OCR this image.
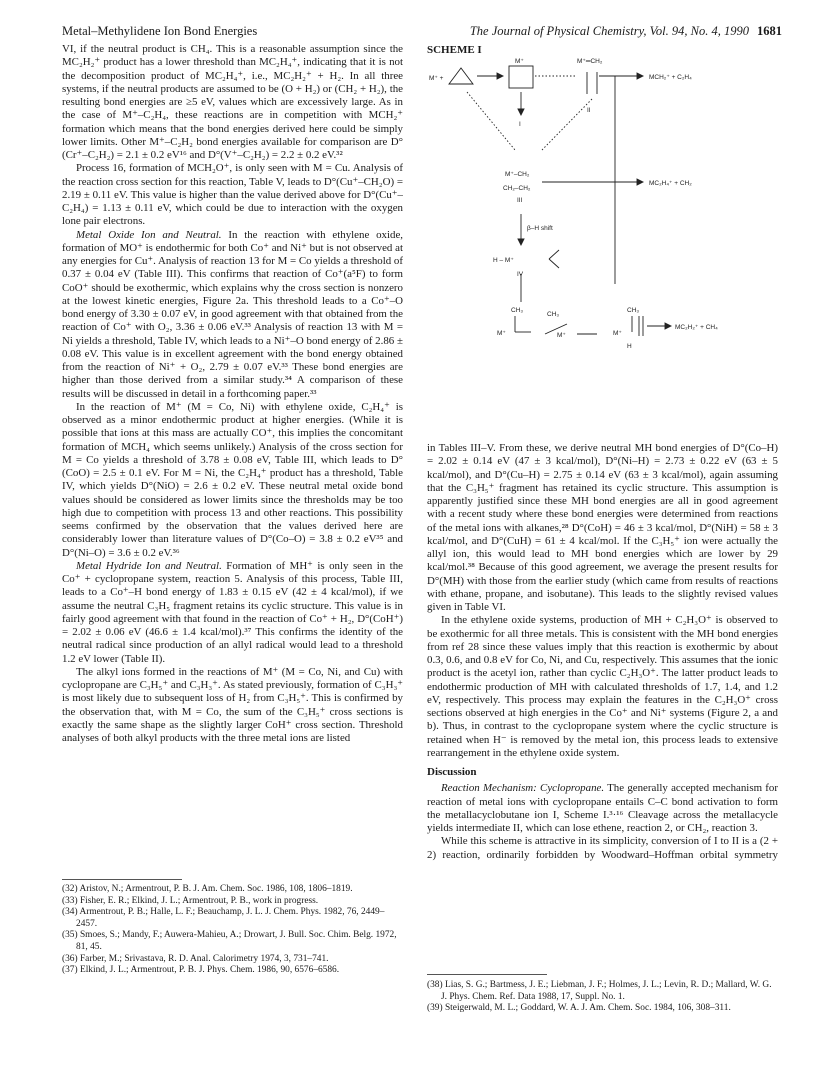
Metal–Methylidene Ion Bond Energies	The Journal of Physical Chemistry, Vol. 94, No. 4, 1990 1681

VI, if the neutral product is CH₄. This is a reasonable assumption since the MC₂H₂⁺ product has a lower threshold than MC₂H₄⁺, indicating that it is not the decomposition product of MC₂H₄⁺, i.e., MC₂H₂⁺ + H₂. In all three systems, if the neutral products are assumed to be (O + H₂) or (CH₂ + H₂), the resulting bond energies are ≥5 eV, values which are excessively large. As in the case of M⁺–C₂H₄, these reactions are in competition with MCH₂⁺ formation which means that the bond energies derived here could be simply lower limits. Other M⁺–C₂H₂ bond energies available for comparison are D°(Cr⁺–C₂H₂) = 2.1 ± 0.2 eV¹⁶ and D°(V⁺–C₂H₂) = 2.2 ± 0.2 eV.³²

Process 16, formation of MCH₂O⁺, is only seen with M = Cu. Analysis of the reaction cross section for this reaction, Table V, leads to D°(Cu⁺–CH₂O) = 2.19 ± 0.11 eV. This value is higher than the value derived above for D°(Cu⁺–C₂H₄) = 1.13 ± 0.11 eV, which could be due to interaction with the oxygen lone pair electrons.

Metal Oxide Ion and Neutral. In the reaction with ethylene oxide, formation of MO⁺ is endothermic for both Co⁺ and Ni⁺ but is not observed at any energies for Cu⁺. Analysis of reaction 13 for M = Co yields a threshold of 0.37 ± 0.04 eV (Table III). This confirms that reaction of Co⁺(a⁵F) to form CoO⁺ should be exothermic, which explains why the cross section is nonzero at the lowest kinetic energies, Figure 2a. This threshold leads to a Co⁺–O bond energy of 3.30 ± 0.07 eV, in good agreement with that obtained from the reaction of Co⁺ with O₂, 3.36 ± 0.06 eV.³³ Analysis of reaction 13 with M = Ni yields a threshold, Table IV, which leads to a Ni⁺–O bond energy of 2.86 ± 0.08 eV. This value is in excellent agreement with the bond energy obtained from the reaction of Ni⁺ + O₂, 2.79 ± 0.07 eV.³³ These bond energies are higher than those derived from a similar study.³⁴ A comparison of these results will be discussed in detail in a forthcoming paper.³³

In the reaction of M⁺ (M = Co, Ni) with ethylene oxide, C₂H₄⁺ is observed as a minor endothermic product at higher energies. (While it is possible that ions at this mass are actually CO⁺, this implies the concomitant formation of MCH₄ which seems unlikely.) Analysis of the cross section for M = Co yields a threshold of 3.78 ± 0.08 eV, Table III, which leads to D°(CoO) = 2.5 ± 0.1 eV. For M = Ni, the C₂H₄⁺ product has a threshold, Table IV, which yields D°(NiO) = 2.6 ± 0.2 eV. These neutral metal oxide bond values should be considered as lower limits since the thresholds may be too high due to competition with process 13 and other reactions. This possibility seems confirmed by the observation that the values derived here are considerably lower than literature values of D°(Co–O) = 3.8 ± 0.2 eV³⁵ and D°(Ni–O) = 3.6 ± 0.2 eV.³⁶

Metal Hydride Ion and Neutral. Formation of MH⁺ is only seen in the Co⁺ + cyclopropane system, reaction 5. Analysis of this process, Table III, leads to a Co⁺–H bond energy of 1.83 ± 0.15 eV (42 ± 4 kcal/mol), if we assume the neutral C₃H₅ fragment retains its cyclic structure. This value is in fairly good agreement with that found in the reaction of Co⁺ + H₂, D°(CoH⁺) = 2.02 ± 0.06 eV (46.6 ± 1.4 kcal/mol).³⁷ This confirms the identity of the neutral radical since production of an allyl radical would lead to a threshold 1.2 eV lower (Table II).

The alkyl ions formed in the reactions of M⁺ (M = Co, Ni, and Cu) with cyclopropane are C₃H₅⁺ and C₃H₃⁺. As stated previously, formation of C₃H₃⁺ is most likely due to subsequent loss of H₂ from C₃H₅⁺. This is confirmed by the observation that, with M = Co, the sum of the C₃H₅⁺ cross sections is exactly the same shape as the slightly larger CoH⁺ cross section. Threshold analyses of both alkyl products with the three metal ions are listed

(32) Aristov, N.; Armentrout, P. B. J. Am. Chem. Soc. 1986, 108, 1806–1819.
(33) Fisher, E. R.; Elkind, J. L.; Armentrout, P. B., work in progress.
(34) Armentrout, P. B.; Halle, L. F.; Beauchamp, J. L. J. Chem. Phys. 1982, 76, 2449–2457.
(35) Smoes, S.; Mandy, F.; Auwera-Mahieu, A.; Drowart, J. Bull. Soc. Chim. Belg. 1972, 81, 45.
(36) Farber, M.; Srivastava, R. D. Anal. Calorimetry 1974, 3, 731–741.
(37) Elkind, J. L.; Armentrout, P. B. J. Phys. Chem. 1986, 90, 6576–6586.
SCHEME I
M⁺ +
M⁺	M⁺═CH₂
MCH₂⁺ + C₂H₄
I
II
M⁺–CH₂
CH₂–CH₂
III
MC₂H₄⁺ + CH₂
β–H shift
H – M⁺
IV
CH₃
CH₃
CH₃
M⁺	M⁺	M⁺
H
MC₂H₂⁺ + CH₄

in Tables III–V. From these, we derive neutral MH bond energies of D°(Co–H) = 2.02 ± 0.14 eV (47 ± 3 kcal/mol), D°(Ni–H) = 2.73 ± 0.22 eV (63 ± 5 kcal/mol), and D°(Cu–H) = 2.75 ± 0.14 eV (63 ± 3 kcal/mol), again assuming that the C₃H₅⁺ fragment has retained its cyclic structure. This assumption is apparently justified since these MH bond energies are all in good agreement with a recent study where these bond energies were determined from reactions of the metal ions with alkanes,²⁸ D°(CoH) = 46 ± 3 kcal/mol, D°(NiH) = 58 ± 3 kcal/mol, and D°(CuH) = 61 ± 4 kcal/mol. If the C₃H₅⁺ ion were actually the allyl ion, this would lead to MH bond energies which are lower by 29 kcal/mol.³⁸ Because of this good agreement, we average the present results for D°(MH) with those from the earlier study (which came from results of reactions with ethane, propane, and isobutane). This leads to the slightly revised values given in Table VI.

In the ethylene oxide systems, production of MH + C₂H₃O⁺ is observed to be exothermic for all three metals. This is consistent with the MH bond energies from ref 28 since these values imply that this reaction is exothermic by about 0.3, 0.6, and 0.8 eV for Co, Ni, and Cu, respectively. This assumes that the ionic product is the acetyl ion, rather than cyclic C₂H₃O⁺. The latter product leads to endothermic production of MH with calculated thresholds of 1.7, 1.4, and 1.2 eV, respectively. This process may explain the features in the C₂H₃O⁺ cross sections observed at high energies in the Co⁺ and Ni⁺ systems (Figure 2, a and b). Thus, in contrast to the cyclopropane system where the cyclic structure is retained when H⁻ is removed by the metal ion, this process leads to extensive rearrangement in the ethylene oxide system.

Discussion

Reaction Mechanism: Cyclopropane. The generally accepted mechanism for reaction of metal ions with cyclopropane entails C–C bond activation to form the metallacyclobutane ion I, Scheme I.³·¹⁶ Cleavage across the metallacycle yields intermediate II, which can lose ethene, reaction 2, or CH₂, reaction 3.

While this scheme is attractive in its simplicity, conversion of I to II is a (2 + 2) reaction, ordinarily forbidden by Woodward–Hoffman orbital symmetry

(38) Lias, S. G.; Bartmess, J. E.; Liebman, J. F.; Holmes, J. L.; Levin, R. D.; Mallard, W. G. J. Phys. Chem. Ref. Data 1988, 17, Suppl. No. 1.
(39) Steigerwald, M. L.; Goddard, W. A. J. Am. Chem. Soc. 1984, 106, 308–311.
